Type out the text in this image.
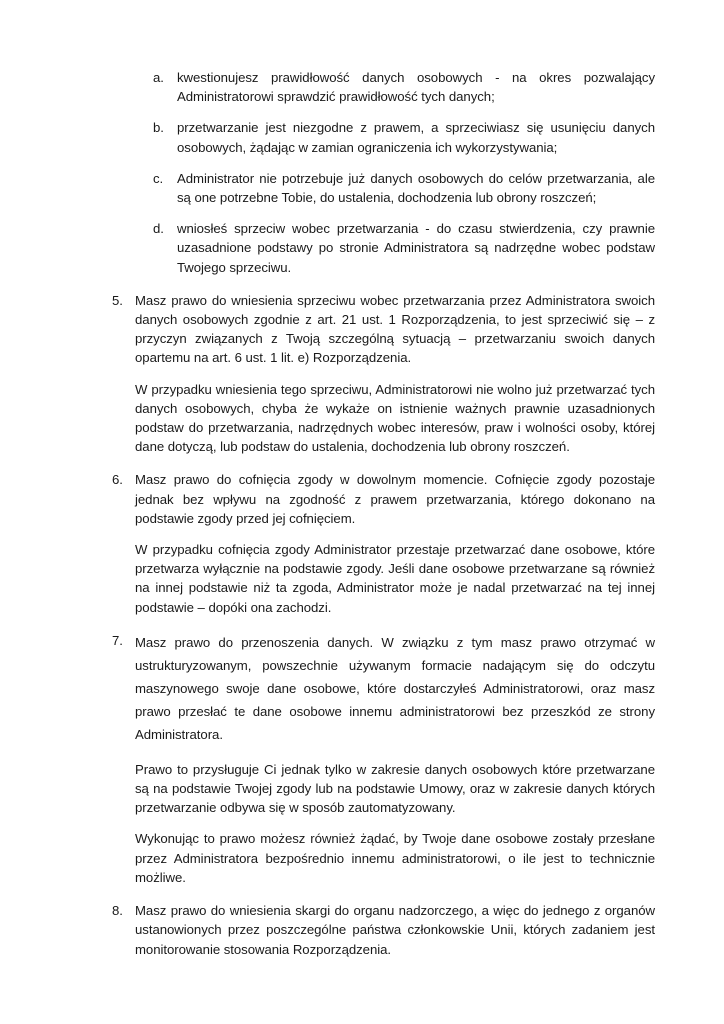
a. kwestionujesz prawidłowość danych osobowych - na okres pozwalający Administratorowi sprawdzić prawidłowość tych danych;

b. przetwarzanie jest niezgodne z prawem, a sprzeciwiasz się usunięciu danych osobowych, żądając w zamian ograniczenia ich wykorzystywania;

c. Administrator nie potrzebuje już danych osobowych do celów przetwarzania, ale są one potrzebne Tobie, do ustalenia, dochodzenia lub obrony roszczeń;

d. wniosłeś sprzeciw wobec przetwarzania - do czasu stwierdzenia, czy prawnie uzasadnione podstawy po stronie Administratora są nadrzędne wobec podstaw Twojego sprzeciwu.

5. Masz prawo do wniesienia sprzeciwu wobec przetwarzania przez Administratora swoich danych osobowych zgodnie z art. 21 ust. 1 Rozporządzenia, to jest sprzeciwić się – z przyczyn związanych z Twoją szczególną sytuacją – przetwarzaniu swoich danych opartemu na art. 6 ust. 1 lit. e) Rozporządzenia.

W przypadku wniesienia tego sprzeciwu, Administratorowi nie wolno już przetwarzać tych danych osobowych, chyba że wykaże on istnienie ważnych prawnie uzasadnionych podstaw do przetwarzania, nadrzędnych wobec interesów, praw i wolności osoby, której dane dotyczą, lub podstaw do ustalenia, dochodzenia lub obrony roszczeń.

6. Masz prawo do cofnięcia zgody w dowolnym momencie. Cofnięcie zgody pozostaje jednak bez wpływu na zgodność z prawem przetwarzania, którego dokonano na podstawie zgody przed jej cofnięciem.

W przypadku cofnięcia zgody Administrator przestaje przetwarzać dane osobowe, które przetwarza wyłącznie na podstawie zgody. Jeśli dane osobowe przetwarzane są również na innej podstawie niż ta zgoda, Administrator może je nadal przetwarzać na tej innej podstawie – dopóki ona zachodzi.

7. Masz prawo do przenoszenia danych. W związku z tym masz prawo otrzymać w ustrukturyzowanym, powszechnie używanym formacie nadającym się do odczytu maszynowego swoje dane osobowe, które dostarczyłeś Administratorowi, oraz masz prawo przesłać te dane osobowe innemu administratorowi bez przeszkód ze strony Administratora.

Prawo to przysługuje Ci jednak tylko w zakresie danych osobowych które przetwarzane są na podstawie Twojej zgody lub na podstawie Umowy, oraz w zakresie danych których przetwarzanie odbywa się w sposób zautomatyzowany.

Wykonując to prawo możesz również żądać, by Twoje dane osobowe zostały przesłane przez Administratora bezpośrednio innemu administratorowi, o ile jest to technicznie możliwe.

8. Masz prawo do wniesienia skargi do organu nadzorczego, a więc do jednego z organów ustanowionych przez poszczególne państwa członkowskie Unii, których zadaniem jest monitorowanie stosowania Rozporządzenia.
